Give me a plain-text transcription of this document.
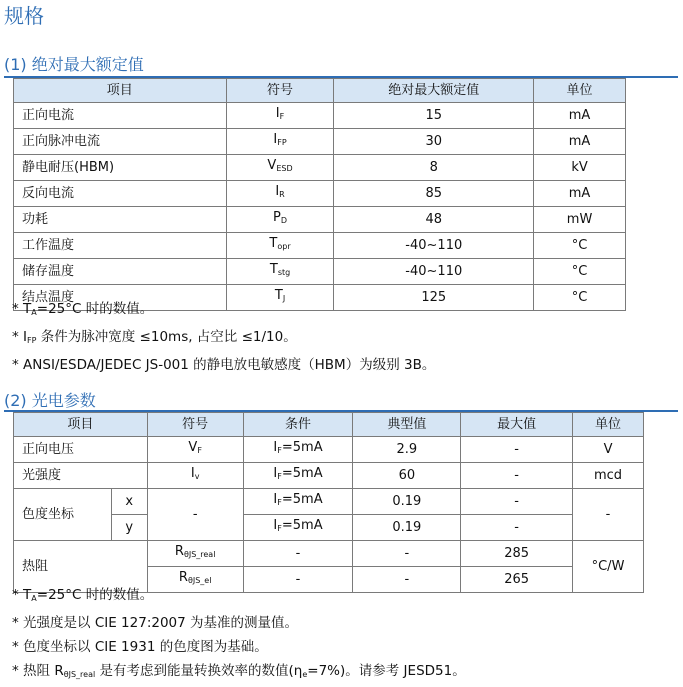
规格
(1) 绝对最大额定值
项目	符号	绝对最大额定值	单位
正向电流	$I_F$	15	mA
正向脉冲电流	$I_{FP}$	30	mA
静电耐压(HBM)	$V_{ESD}$	8	kV
反向电流	$I_R$	85	mA
功耗	$P_D$	48	mW
工作温度	$T_{opr}$	-40~110	°C
储存温度	$T_{stg}$	-40~110	°C
结点温度	$T_J$	125	°C
* $T_A=25^\circ C$ 时的数值。
* $I_{FP}$ 条件为脉冲宽度 ≤10ms, 占空比 ≤1/10。
* ANSI/ESDA/JEDEC JS-001 的静电放电敏感度（HBM）为级别 3B。
(2) 光电参数
项目		符号	条件	典型值	最大值	单位
正向电压		$V_F$	$I_F=5mA$	2.9	-	V
光强度		$I_v$	$I_F=5mA$	60	-	mcd
色度坐标	x	-	$I_F=5mA$	0.19	-	-
	y		$I_F=5mA$	0.19	-	
热阻		$R_{\theta JS\_real}$	-	-	285	°C/W
		$R_{\theta JS\_el}$	-	-	265	
* $T_A=25^\circ C$ 时的数值。
* 光强度是以 CIE 127:2007 为基准的测量值。
* 色度坐标以 CIE 1931 的色度图为基础。
* 热阻 $R_{\theta JS\_real}$ 是有考虑到能量转换效率的数值$(\eta_e=7\%)$。请参考 JESD51。
